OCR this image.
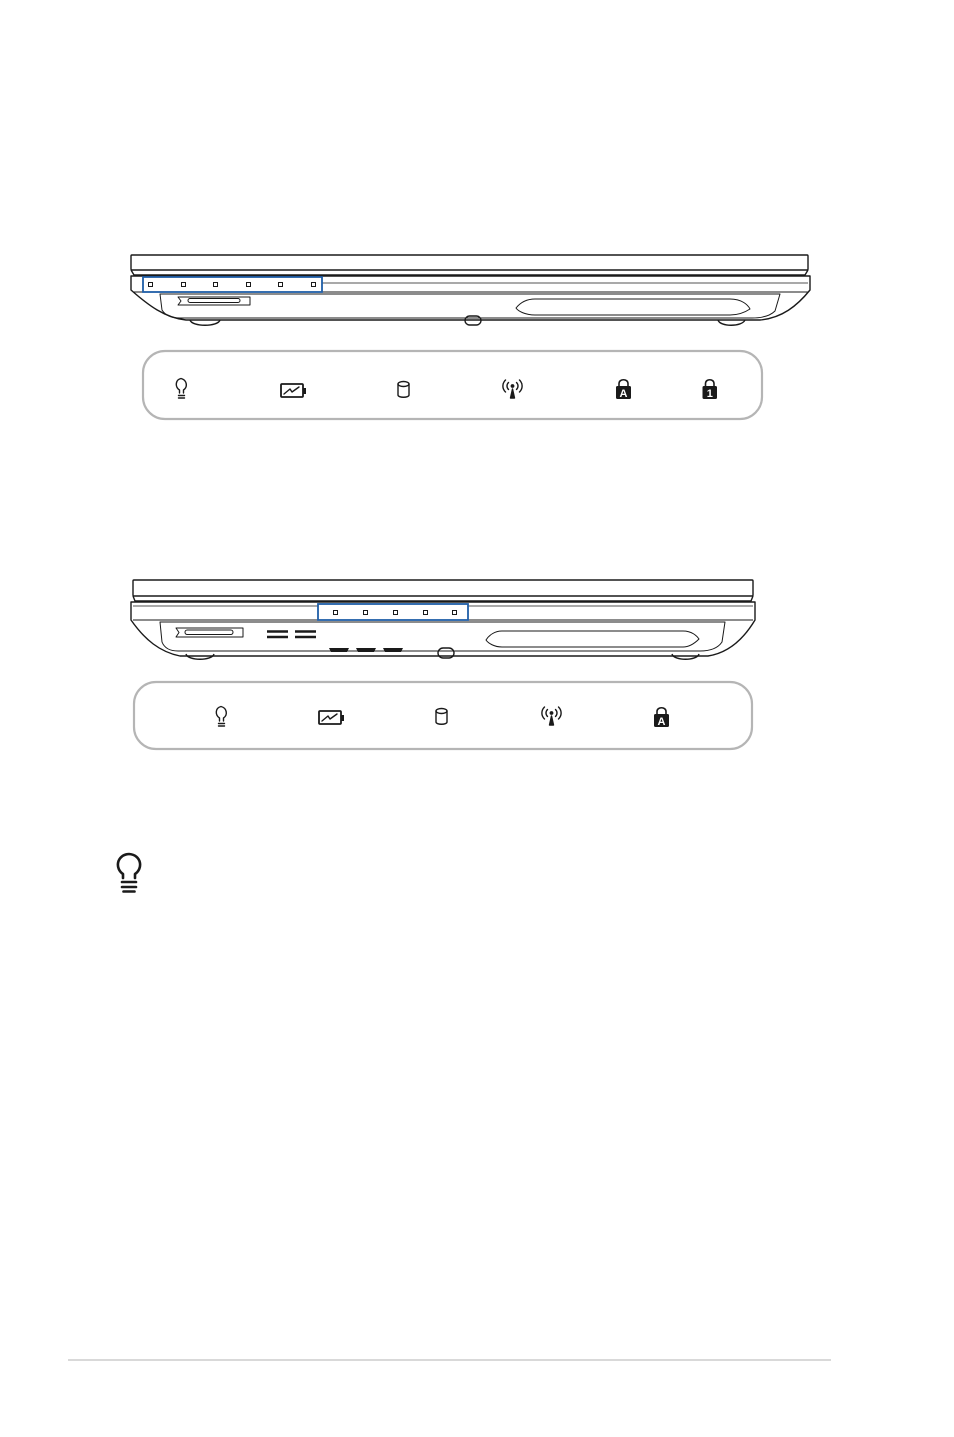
A	1
A
